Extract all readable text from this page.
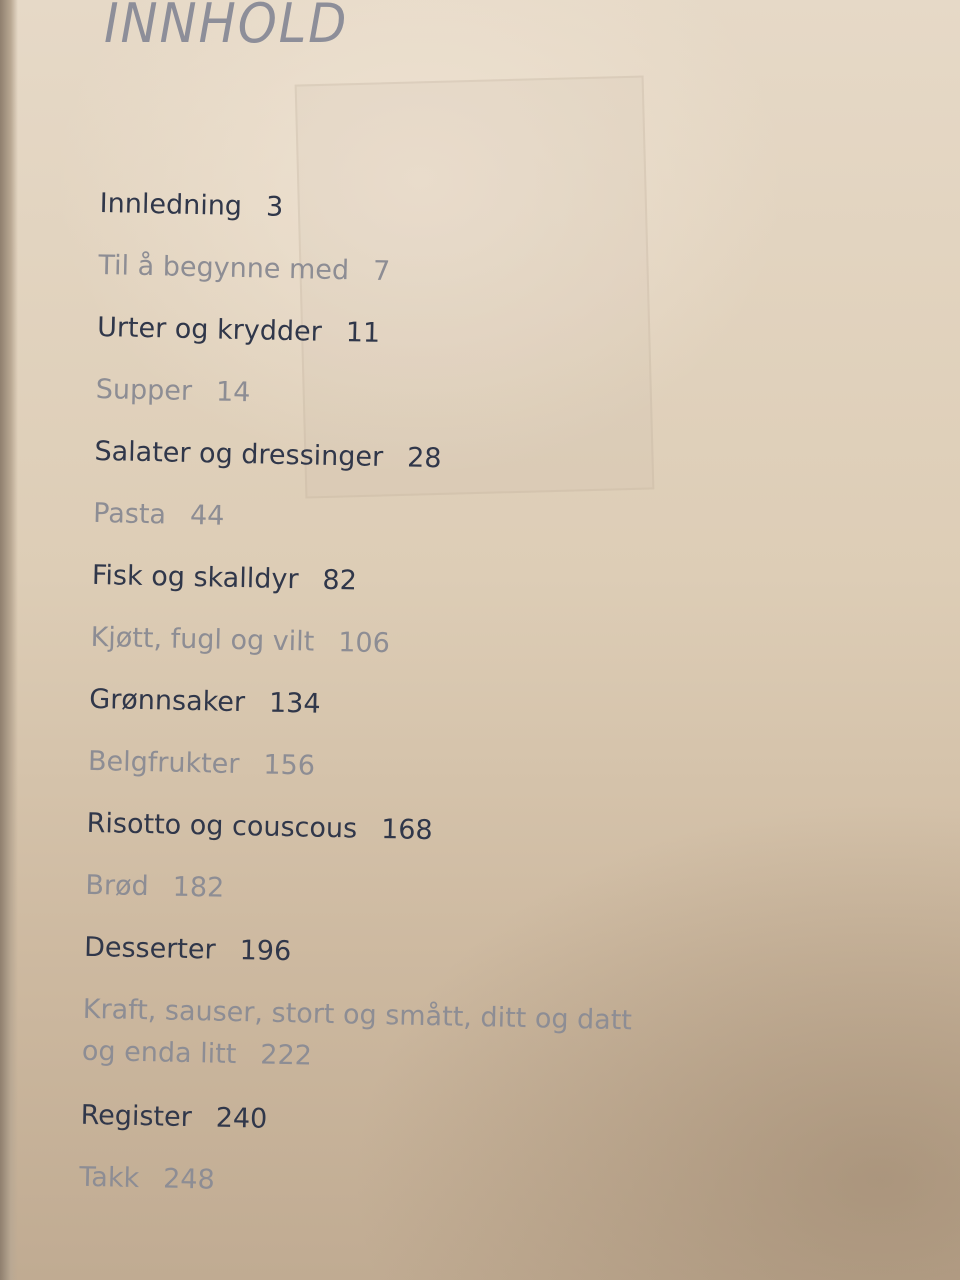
INNHOLD
Innledning 3
Til å begynne med 7
Urter og krydder 11
Supper 14
Salater og dressinger 28
Pasta 44
Fisk og skalldyr 82
Kjøtt, fugl og vilt 106
Grønnsaker 134
Belgfrukter 156
Risotto og couscous 168
Brød 182
Desserter 196
Kraft, sauser, stort og smått, ditt og datt
og enda litt 222
Register 240
Takk 248
